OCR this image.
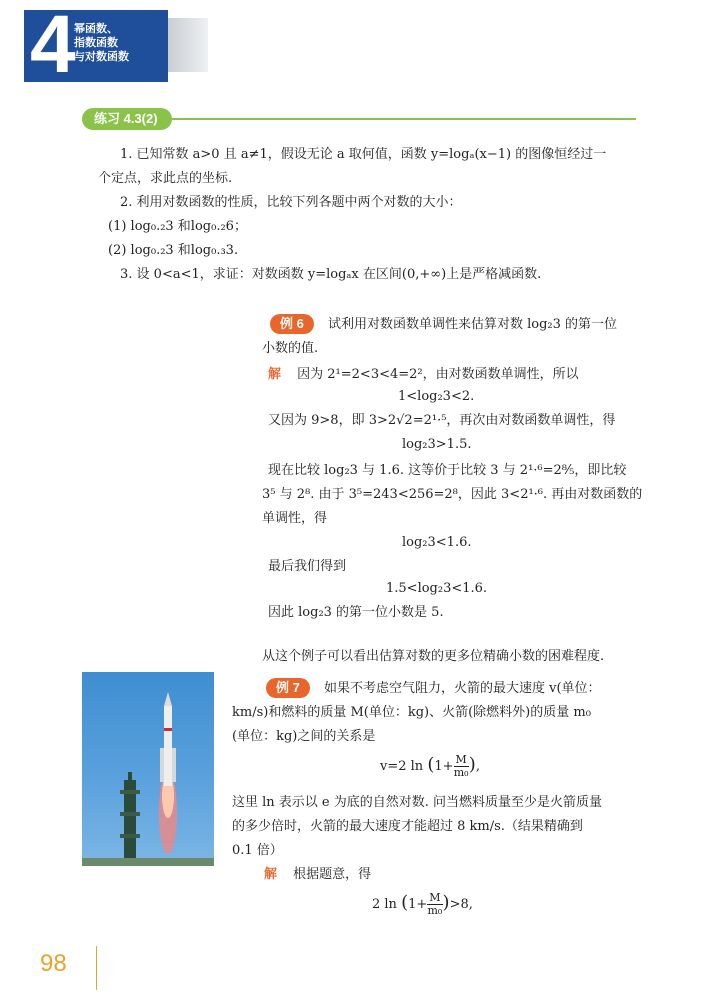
4
幂函数、
指数函数
与对数函数
练习 4.3(2)
1. 已知常数 a>0 且 a≠1，假设无论 a 取何值，函数 y=logₐ(x−1) 的图像恒经过一
个定点，求此点的坐标.
2. 利用对数函数的性质，比较下列各题中两个对数的大小：
(1) log₀.₂3 和log₀.₂6；
(2) log₀.₂3 和log₀.₃3.
3. 设 0<a<1，求证：对数函数 y=logₐx 在区间(0,+∞)上是严格减函数.
例 6 试利用对数函数单调性来估算对数 log₂3 的第一位
小数的值.
解 因为 2¹=2<3<4=2²，由对数函数单调性，所以
1<log₂3<2.
又因为 9>8，即 3>2√2=2¹·⁵，再次由对数函数单调性，得
log₂3>1.5.
现在比较 log₂3 与 1.6. 这等价于比较 3 与 2¹·⁶=2⁸⁄₅，即比较
3⁵ 与 2⁸. 由于 3⁵=243<256=2⁸，因此 3<2¹·⁶. 再由对数函数的
单调性，得
log₂3<1.6.
最后我们得到
1.5<log₂3<1.6.
因此 log₂3 的第一位小数是 5.
从这个例子可以看出估算对数的更多位精确小数的困难程度.
例 7 如果不考虑空气阻力，火箭的最大速度 v(单位：
km/s)和燃料的质量 M(单位：kg)、火箭(除燃料外)的质量 m₀
(单位：kg)之间的关系是
v=2 $\ln (1+ \frac{M}{\text{m₀}}$ ),
这里 ln 表示以 e 为底的自然对数. 问当燃料质量至少是火箭质量
的多少倍时，火箭的最大速度才能超过 8 km/s.（结果精确到
0.1 倍）
解 根据题意，得
2 $\ln (1+ \frac{M}{\text{m₀}} )>8$,
98
